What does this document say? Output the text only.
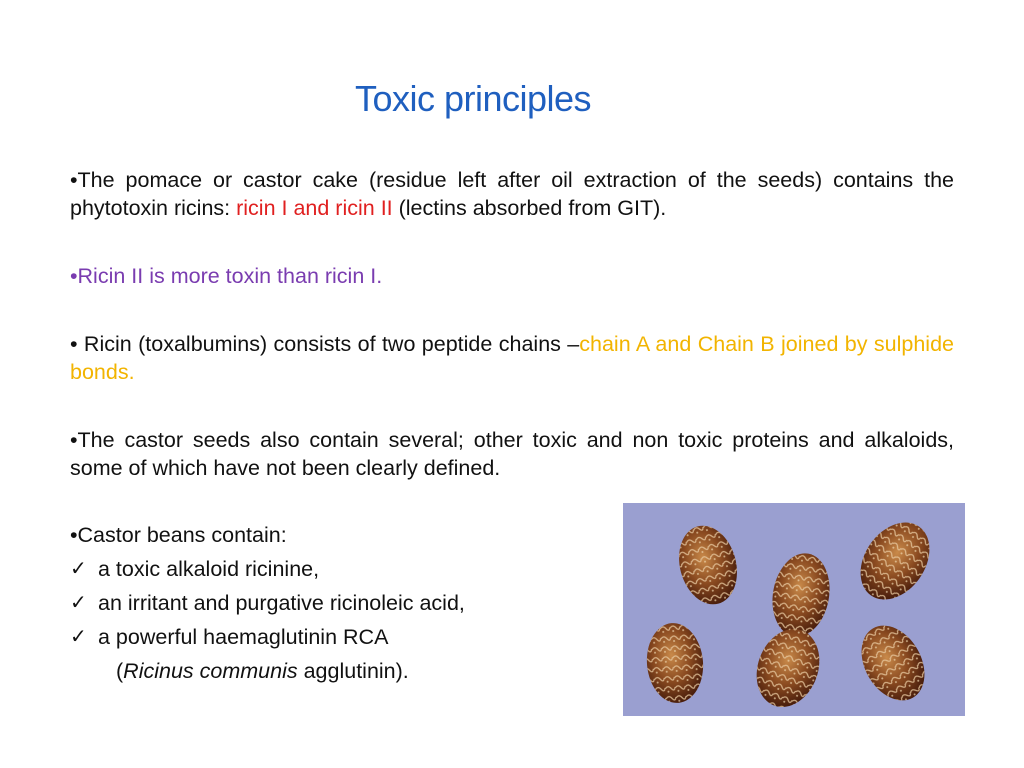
Toxic principles
•The pomace or castor cake (residue left after oil extraction of the seeds) contains the phytotoxin ricins: ricin I and ricin II (lectins absorbed from GIT).
•Ricin II is more toxin than ricin I.
• Ricin (toxalbumins) consists of two peptide chains –chain A and Chain B joined by sulphide bonds.
•The castor seeds also contain several; other toxic and non toxic proteins and alkaloids, some of which have not been clearly defined.
•Castor beans contain:
✓ a toxic alkaloid ricinine,
✓ an irritant and purgative ricinoleic acid,
✓ a powerful haemaglutinin RCA
(Ricinus communis agglutinin).
